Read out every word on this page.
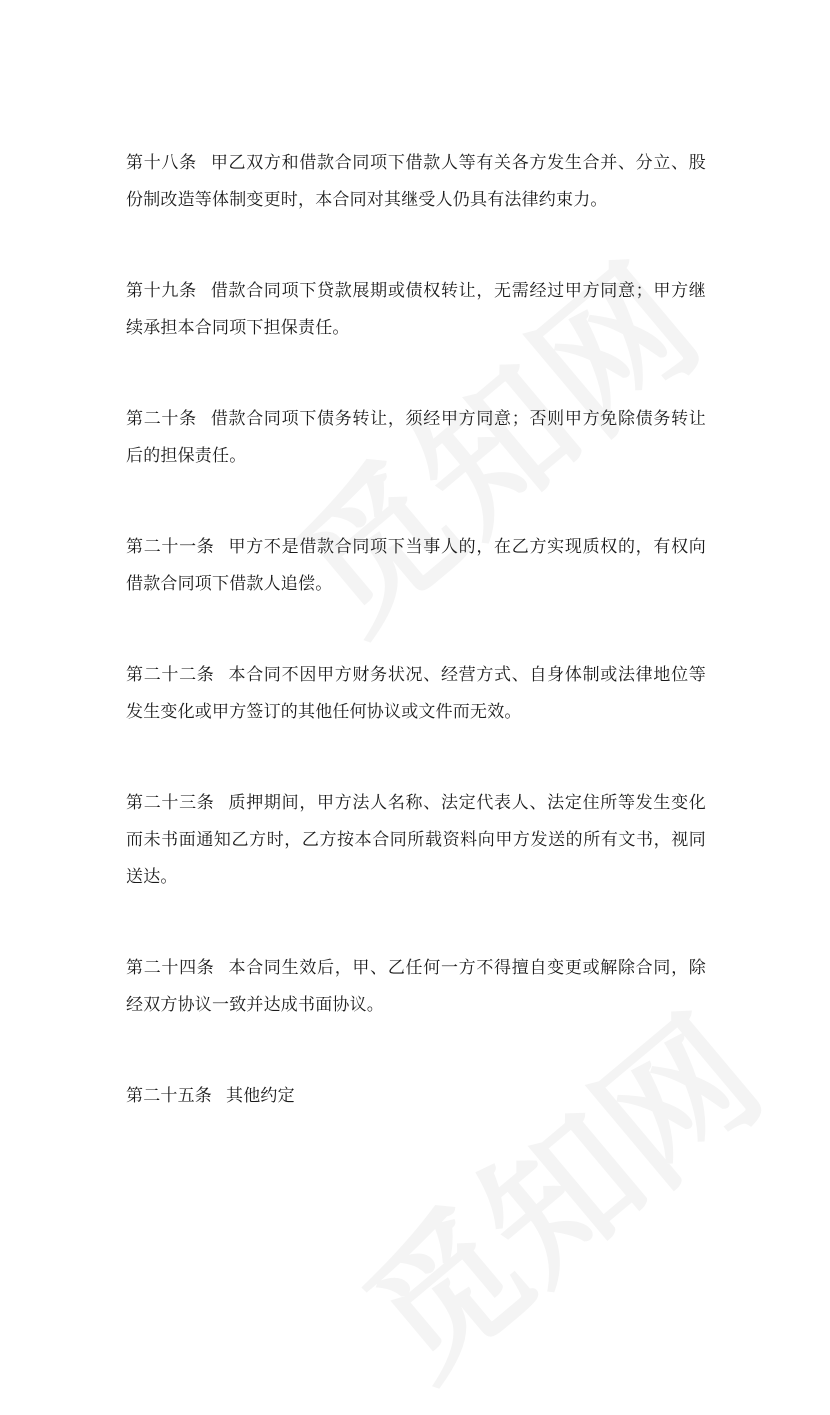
第十八条 甲乙双方和借款合同项下借款人等有关各方发生合并、分立、股份制改造等体制变更时，本合同对其继受人仍具有法律约束力。

第十九条 借款合同项下贷款展期或债权转让，无需经过甲方同意；甲方继续承担本合同项下担保责任。

第二十条 借款合同项下债务转让，须经甲方同意；否则甲方免除债务转让后的担保责任。

第二十一条 甲方不是借款合同项下当事人的，在乙方实现质权的，有权向借款合同项下借款人追偿。

第二十二条 本合同不因甲方财务状况、经营方式、自身体制或法律地位等发生变化或甲方签订的其他任何协议或文件而无效。

第二十三条 质押期间，甲方法人名称、法定代表人、法定住所等发生变化而未书面通知乙方时，乙方按本合同所载资料向甲方发送的所有文书，视同送达。

第二十四条 本合同生效后，甲、乙任何一方不得擅自变更或解除合同，除经双方协议一致并达成书面协议。

第二十五条 其他约定
